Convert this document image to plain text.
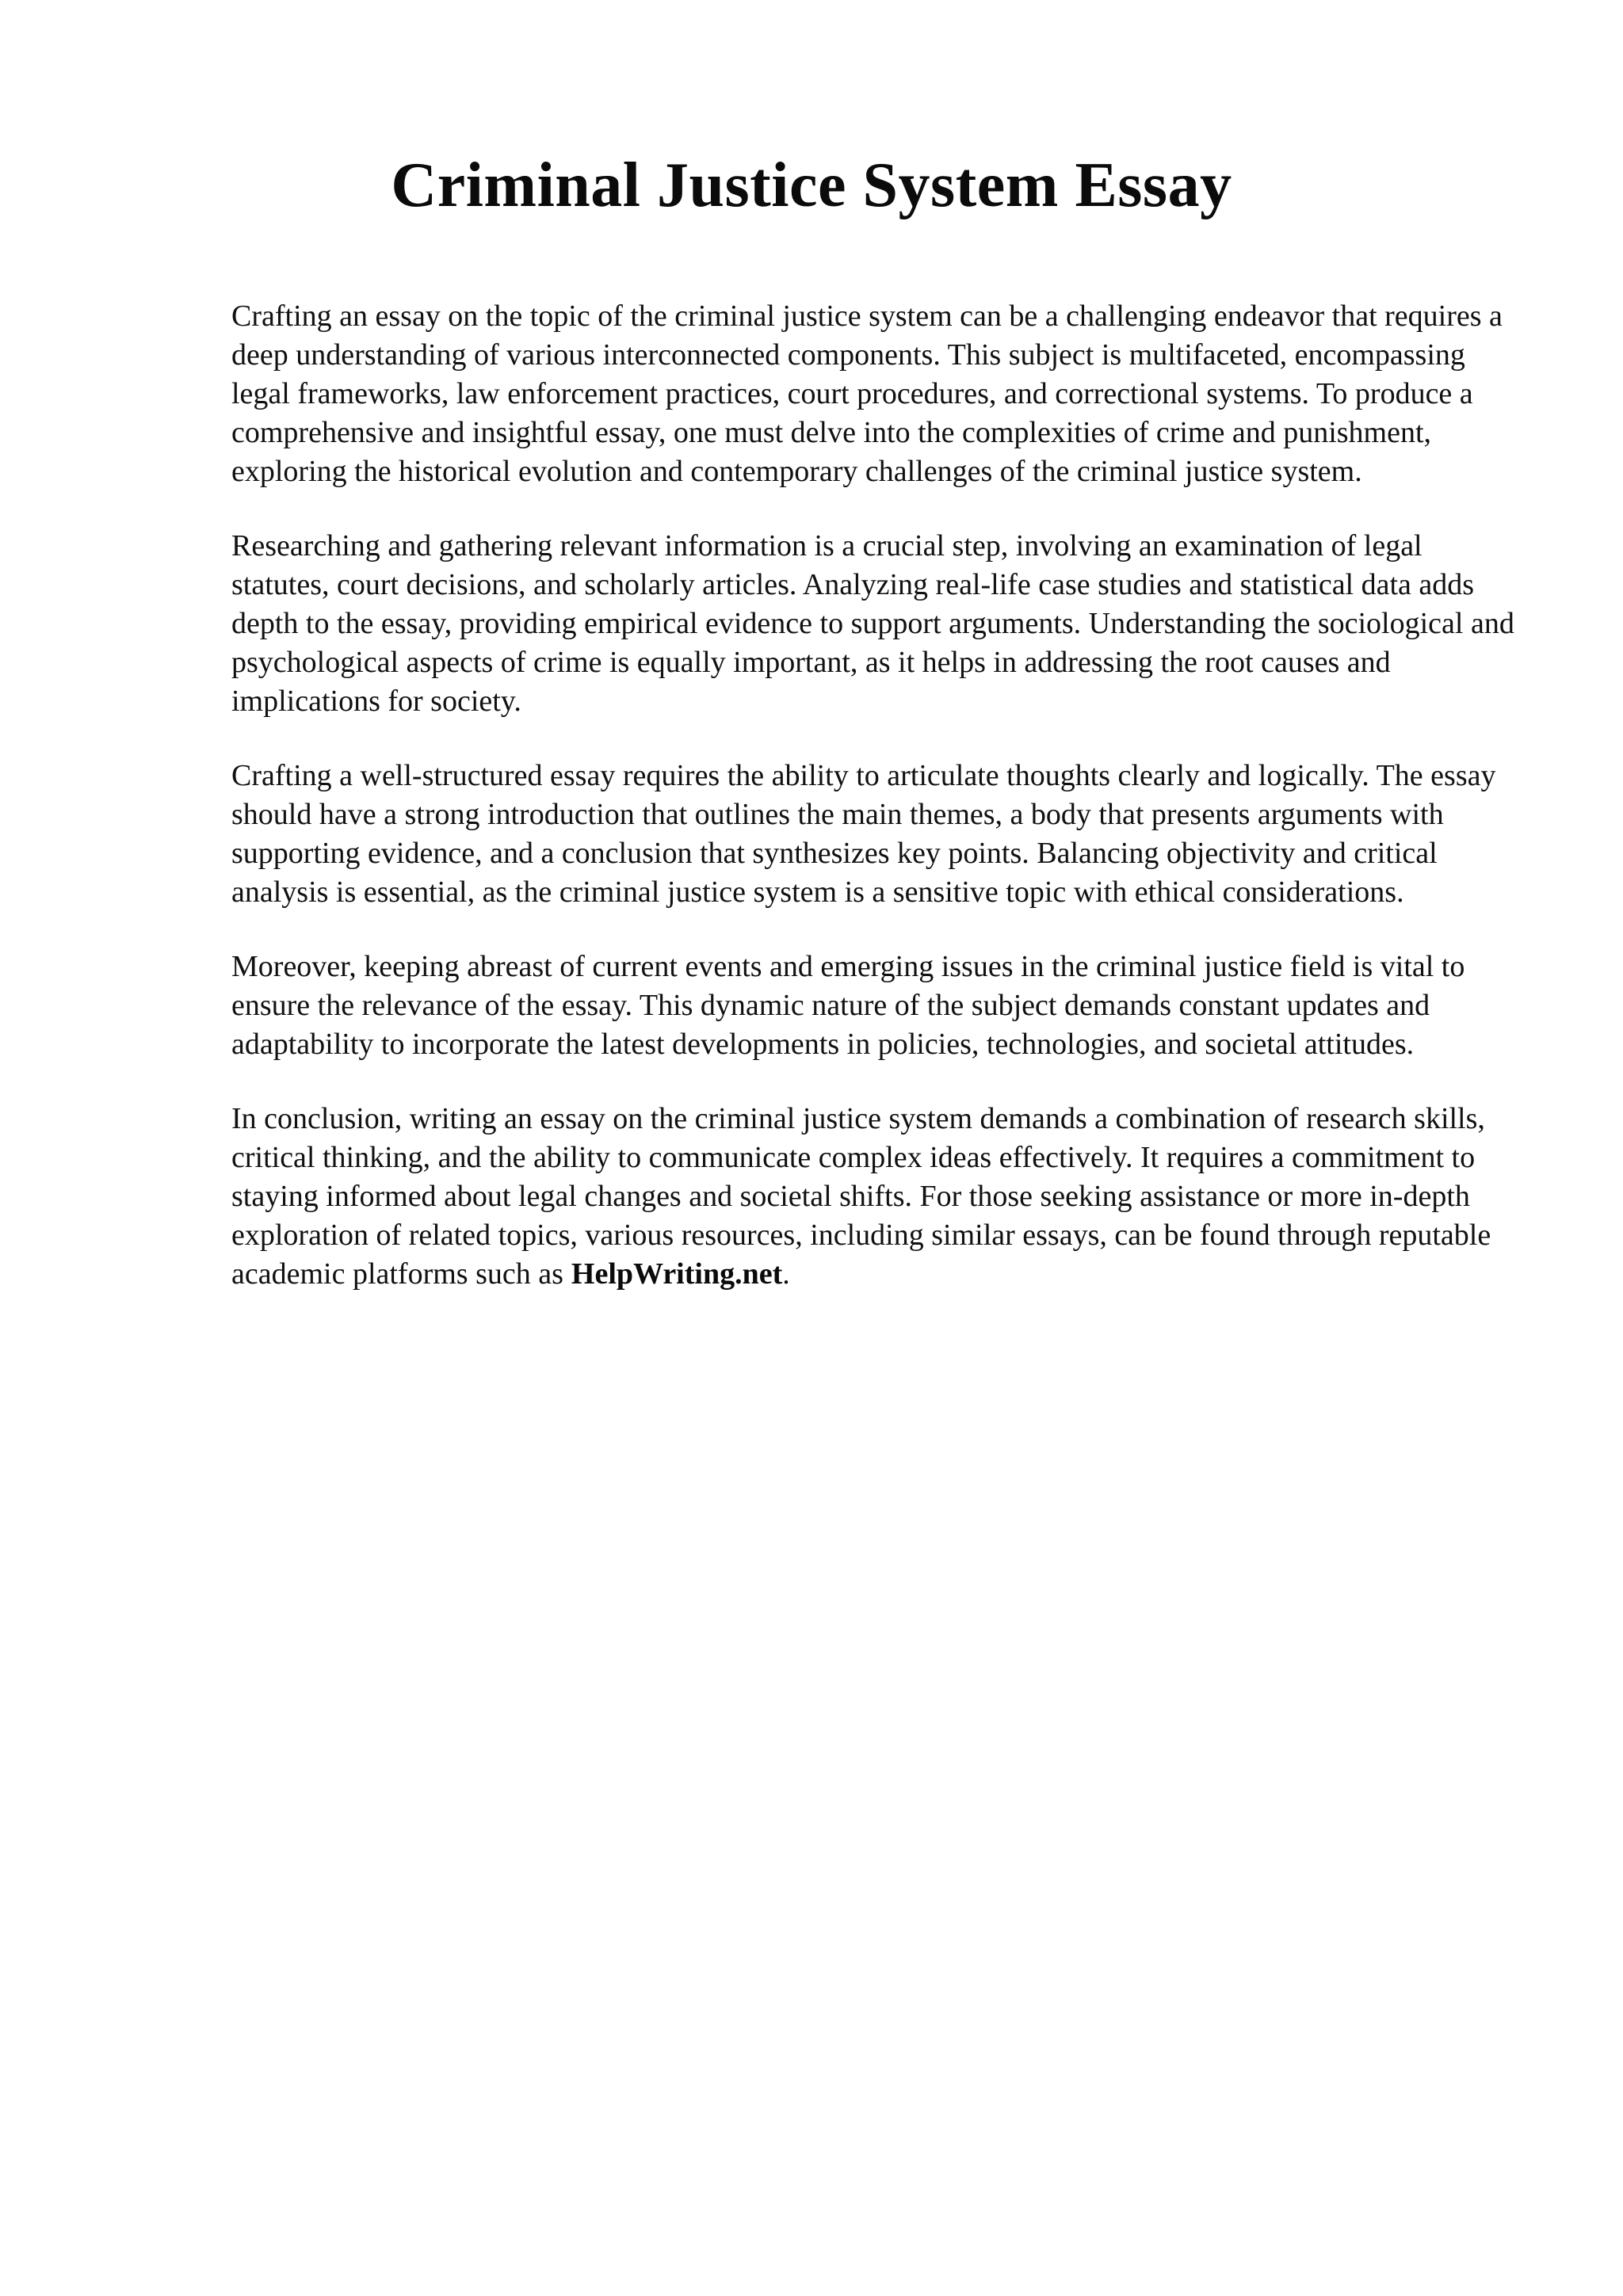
Criminal Justice System Essay

Crafting an essay on the topic of the criminal justice system can be a challenging endeavor that requires a deep understanding of various interconnected components. This subject is multifaceted, encompassing legal frameworks, law enforcement practices, court procedures, and correctional systems. To produce a comprehensive and insightful essay, one must delve into the complexities of crime and punishment, exploring the historical evolution and contemporary challenges of the criminal justice system.

Researching and gathering relevant information is a crucial step, involving an examination of legal statutes, court decisions, and scholarly articles. Analyzing real-life case studies and statistical data adds depth to the essay, providing empirical evidence to support arguments. Understanding the sociological and psychological aspects of crime is equally important, as it helps in addressing the root causes and implications for society.

Crafting a well-structured essay requires the ability to articulate thoughts clearly and logically. The essay should have a strong introduction that outlines the main themes, a body that presents arguments with supporting evidence, and a conclusion that synthesizes key points. Balancing objectivity and critical analysis is essential, as the criminal justice system is a sensitive topic with ethical considerations.

Moreover, keeping abreast of current events and emerging issues in the criminal justice field is vital to ensure the relevance of the essay. This dynamic nature of the subject demands constant updates and adaptability to incorporate the latest developments in policies, technologies, and societal attitudes.

In conclusion, writing an essay on the criminal justice system demands a combination of research skills, critical thinking, and the ability to communicate complex ideas effectively. It requires a commitment to staying informed about legal changes and societal shifts. For those seeking assistance or more in-depth exploration of related topics, various resources, including similar essays, can be found through reputable academic platforms such as HelpWriting.net.
